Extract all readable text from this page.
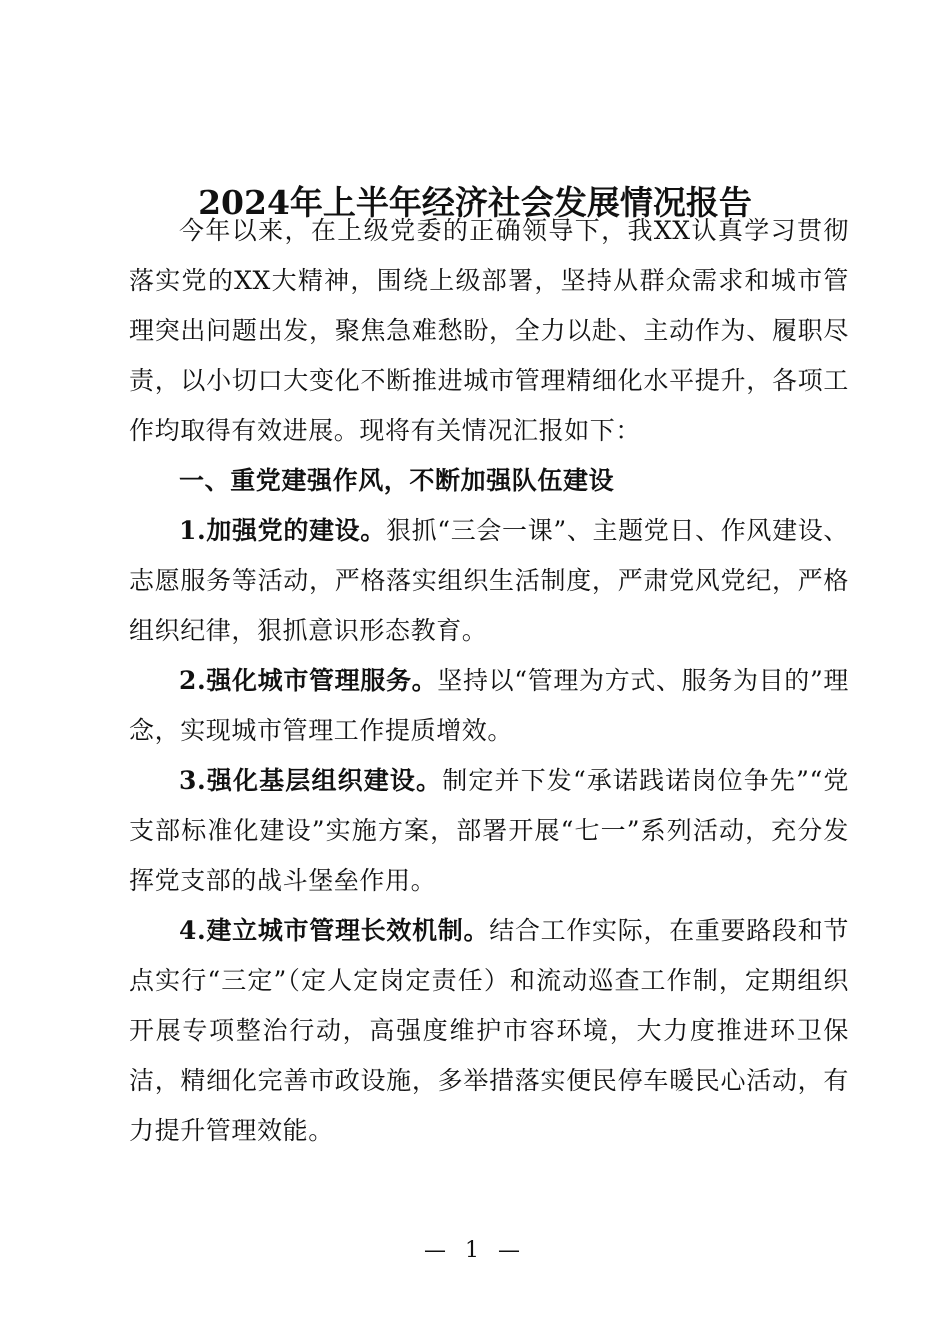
2024年上半年经济社会发展情况报告

今年以来，在上级党委的正确领导下，我XX认真学习贯彻落实党的XX大精神，围绕上级部署，坚持从群众需求和城市管理突出问题出发，聚焦急难愁盼，全力以赴、主动作为、履职尽责，以小切口大变化不断推进城市管理精细化水平提升，各项工作均取得有效进展。现将有关情况汇报如下：

一、重党建强作风，不断加强队伍建设

1.加强党的建设。狠抓“三会一课”、主题党日、作风建设、志愿服务等活动，严格落实组织生活制度，严肃党风党纪，严格组织纪律，狠抓意识形态教育。

2.强化城市管理服务。坚持以“管理为方式、服务为目的”理念，实现城市管理工作提质增效。

3.强化基层组织建设。制定并下发“承诺践诺岗位争先”“党支部标准化建设”实施方案，部署开展“七一”系列活动，充分发挥党支部的战斗堡垒作用。

4.建立城市管理长效机制。结合工作实际，在重要路段和节点实行“三定”（定人定岗定责任）和流动巡查工作制，定期组织开展专项整治行动，高强度维护市容环境，大力度推进环卫保洁，精细化完善市政设施，多举措落实便民停车暖民心活动，有力提升管理效能。

— 1 —
